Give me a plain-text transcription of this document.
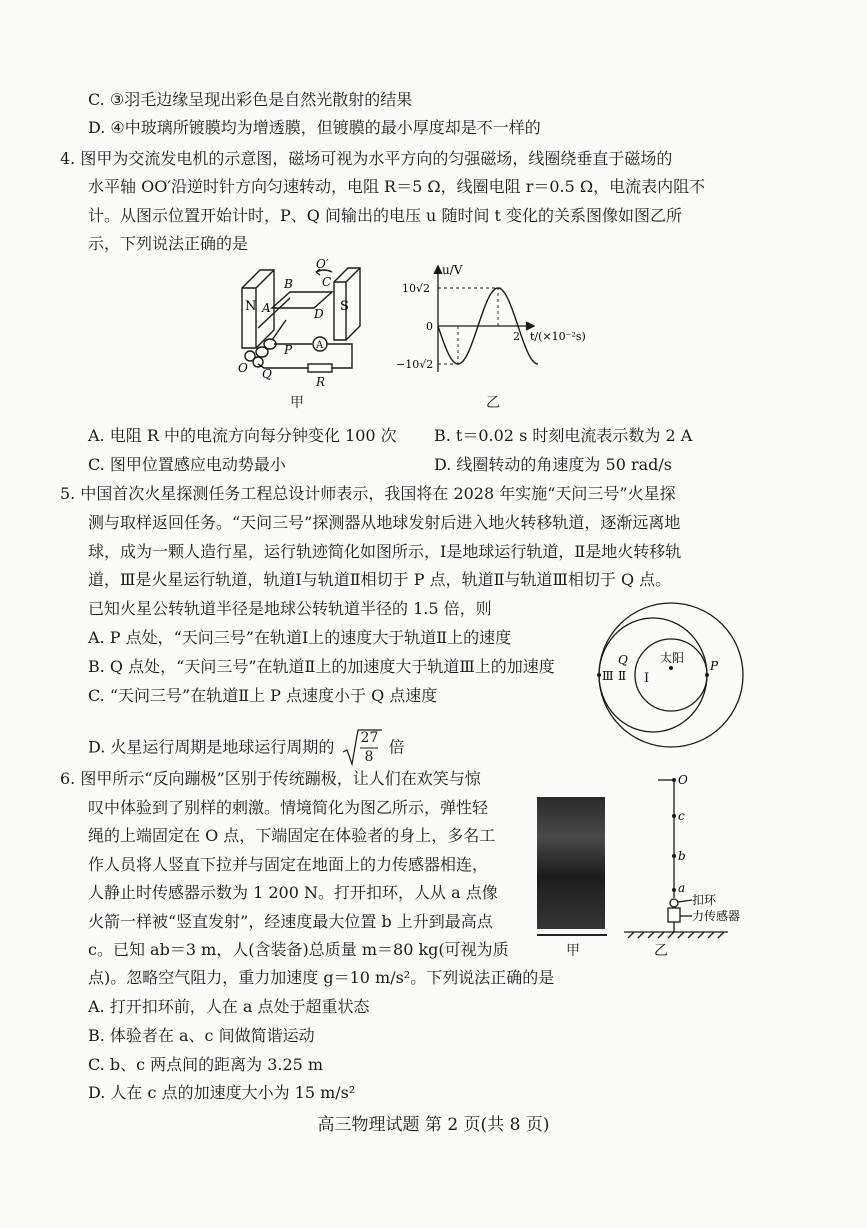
C. ③羽毛边缘呈现出彩色是自然光散射的结果
D. ④中玻璃所镀膜均为增透膜，但镀膜的最小厚度却是不一样的
4. 图甲为交流发电机的示意图，磁场可视为水平方向的匀强磁场，线圈绕垂直于磁场的
水平轴 OO′沿逆时针方向匀速转动，电阻 R＝5 Ω，线圈电阻 r＝0.5 Ω，电流表内阻不
计。从图示位置开始计时，P、Q 间输出的电压 u 随时间 t 变化的关系图像如图乙所
示，下列说法正确的是
N	S
B
O′
C
A	D
A
P
O Q
R
甲
u/V
10√2
0
−10√2
2 t/(×10⁻²s)
乙
A. 电阻 R 中的电流方向每分钟变化 100 次 B. t＝0.02 s 时刻电流表示数为 2 A
C. 图甲位置感应电动势最小	D. 线圈转动的角速度为 50 rad/s
5. 中国首次火星探测任务工程总设计师表示，我国将在 2028 年实施“天问三号”火星探
测与取样返回任务。“天问三号”探测器从地球发射后进入地火转移轨道，逐渐远离地
球，成为一颗人造行星，运行轨迹简化如图所示，Ⅰ是地球运行轨道，Ⅱ是地火转移轨
道，Ⅲ是火星运行轨道，轨道Ⅰ与轨道Ⅱ相切于 P 点，轨道Ⅱ与轨道Ⅲ相切于 Q 点。
已知火星公转轨道半径是地球公转轨道半径的 1.5 倍，则
A. P 点处，“天问三号”在轨道Ⅰ上的速度大于轨道Ⅱ上的速度
B. Q 点处，“天问三号”在轨道Ⅱ上的加速度大于轨道Ⅲ上的加速度
C. “天问三号”在轨道Ⅱ上 P 点速度小于 Q 点速度
D. 火星运行周期是地球运行周期的 27
8
倍
太阳
P
Q
Ⅰ
Ⅱ
Ⅲ
6. 图甲所示“反向蹦极”区别于传统蹦极，让人们在欢笑与惊
叹中体验到了别样的刺激。情境简化为图乙所示，弹性轻
绳的上端固定在 O 点，下端固定在体验者的身上，多名工
作人员将人竖直下拉并与固定在地面上的力传感器相连，
人静止时传感器示数为 1 200 N。打开扣环，人从 a 点像
火箭一样被“竖直发射”，经速度最大位置 b 上升到最高点
c。已知 ab＝3 m，人(含装备)总质量 m＝80 kg(可视为质
点)。忽略空气阻力，重力加速度 g＝10 m/s²。下列说法正确的是
甲
O
c
b
a
扣环
力传感器
乙
A. 打开扣环前，人在 a 点处于超重状态
B. 体验者在 a、c 间做简谐运动
C. b、c 两点间的距离为 3.25 m
D. 人在 c 点的加速度大小为 15 m/s²
高三物理试题 第 2 页(共 8 页)
